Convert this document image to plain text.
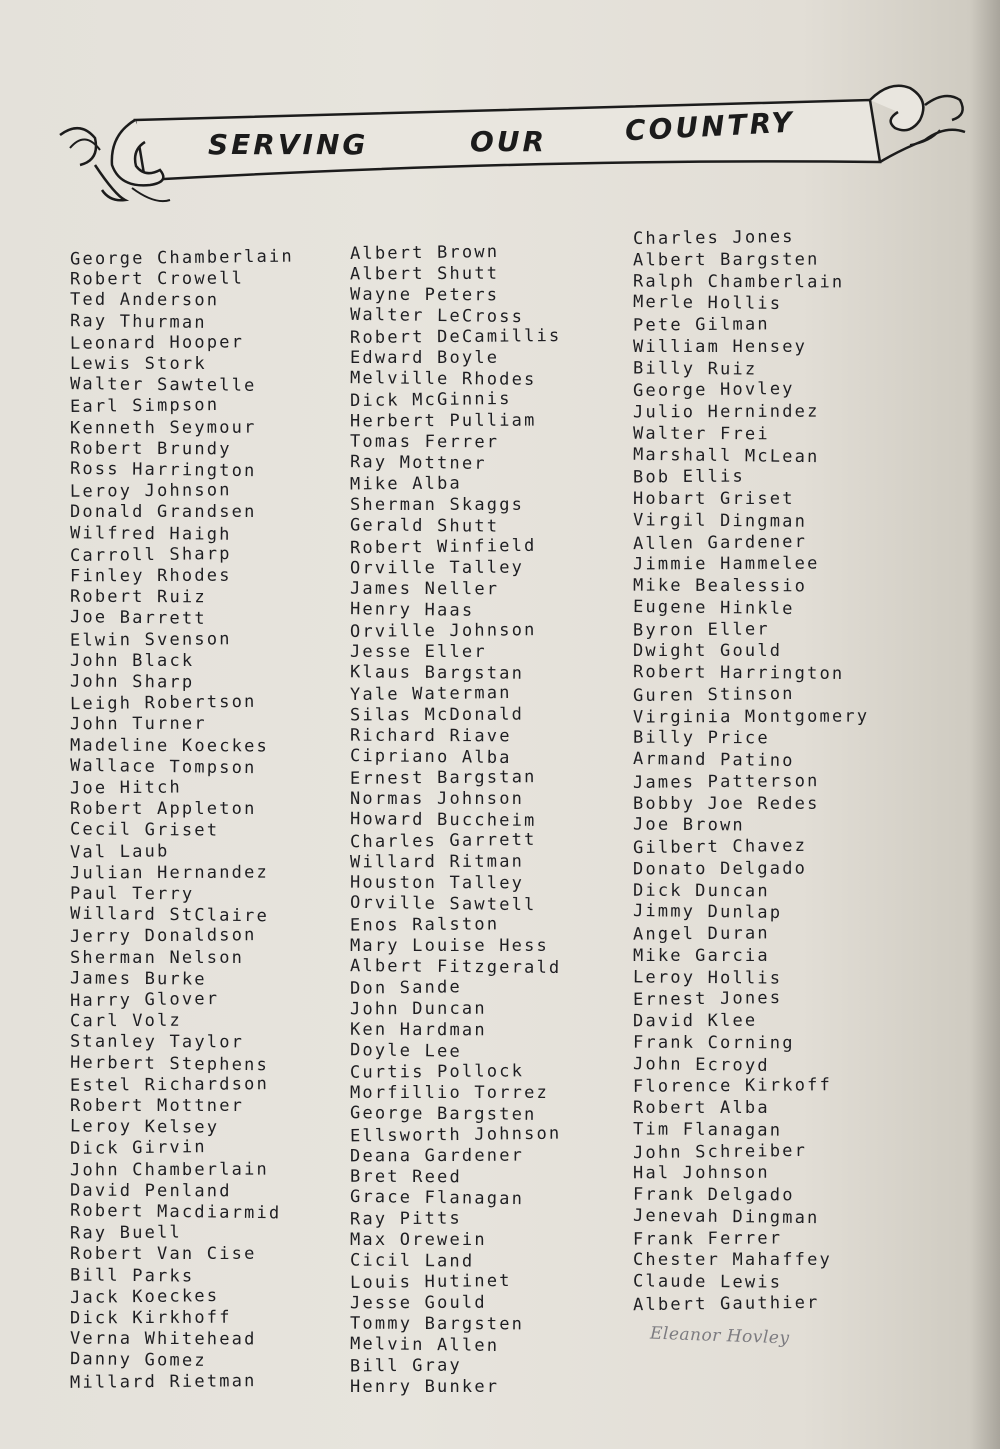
SERVING	OUR	COUNTRY
George Chamberlain
Robert Crowell
Ted Anderson
Ray Thurman
Leonard Hooper
Lewis Stork
Walter Sawtelle
Earl Simpson
Kenneth Seymour
Robert Brundy
Ross Harrington
Leroy Johnson
Donald Grandsen
Wilfred Haigh
Carroll Sharp
Finley Rhodes
Robert Ruiz
Joe Barrett
Elwin Svenson
John Black
John Sharp
Leigh Robertson
John Turner
Madeline Koeckes
Wallace Tompson
Joe Hitch
Robert Appleton
Cecil Griset
Val Laub
Julian Hernandez
Paul Terry
Willard StClaire
Jerry Donaldson
Sherman Nelson
James Burke
Harry Glover
Carl Volz
Stanley Taylor
Herbert Stephens
Estel Richardson
Robert Mottner
Leroy Kelsey
Dick Girvin
John Chamberlain
David Penland
Robert Macdiarmid
Ray Buell
Robert Van Cise
Bill Parks
Jack Koeckes
Dick Kirkhoff
Verna Whitehead
Danny Gomez
Millard Rietman
Albert Brown
Albert Shutt
Wayne Peters
Walter LeCross
Robert DeCamillis
Edward Boyle
Melville Rhodes
Dick McGinnis
Herbert Pulliam
Tomas Ferrer
Ray Mottner
Mike Alba
Sherman Skaggs
Gerald Shutt
Robert Winfield
Orville Talley
James Neller
Henry Haas
Orville Johnson
Jesse Eller
Klaus Bargstan
Yale Waterman
Silas McDonald
Richard Riave
Cipriano Alba
Ernest Bargstan
Normas Johnson
Howard Buccheim
Charles Garrett
Willard Ritman
Houston Talley
Orville Sawtell
Enos Ralston
Mary Louise Hess
Albert Fitzgerald
Don Sande
John Duncan
Ken Hardman
Doyle Lee
Curtis Pollock
Morfillio Torrez
George Bargsten
Ellsworth Johnson
Deana Gardener
Bret Reed
Grace Flanagan
Ray Pitts
Max Orewein
Cicil Land
Louis Hutinet
Jesse Gould
Tommy Bargsten
Melvin Allen
Bill Gray
Henry Bunker
Charles Jones
Albert Bargsten
Ralph Chamberlain
Merle Hollis
Pete Gilman
William Hensey
Billy Ruiz
George Hovley
Julio Hernindez
Walter Frei
Marshall McLean
Bob Ellis
Hobart Griset
Virgil Dingman
Allen Gardener
Jimmie Hammelee
Mike Bealessio
Eugene Hinkle
Byron Eller
Dwight Gould
Robert Harrington
Guren Stinson
Virginia Montgomery
Billy Price
Armand Patino
James Patterson
Bobby Joe Redes
Joe Brown
Gilbert Chavez
Donato Delgado
Dick Duncan
Jimmy Dunlap
Angel Duran
Mike Garcia
Leroy Hollis
Ernest Jones
David Klee
Frank Corning
John Ecroyd
Florence Kirkoff
Robert Alba
Tim Flanagan
John Schreiber
Hal Johnson
Frank Delgado
Jenevah Dingman
Frank Ferrer
Chester Mahaffey
Claude Lewis
Albert Gauthier
Eleanor Hovley
